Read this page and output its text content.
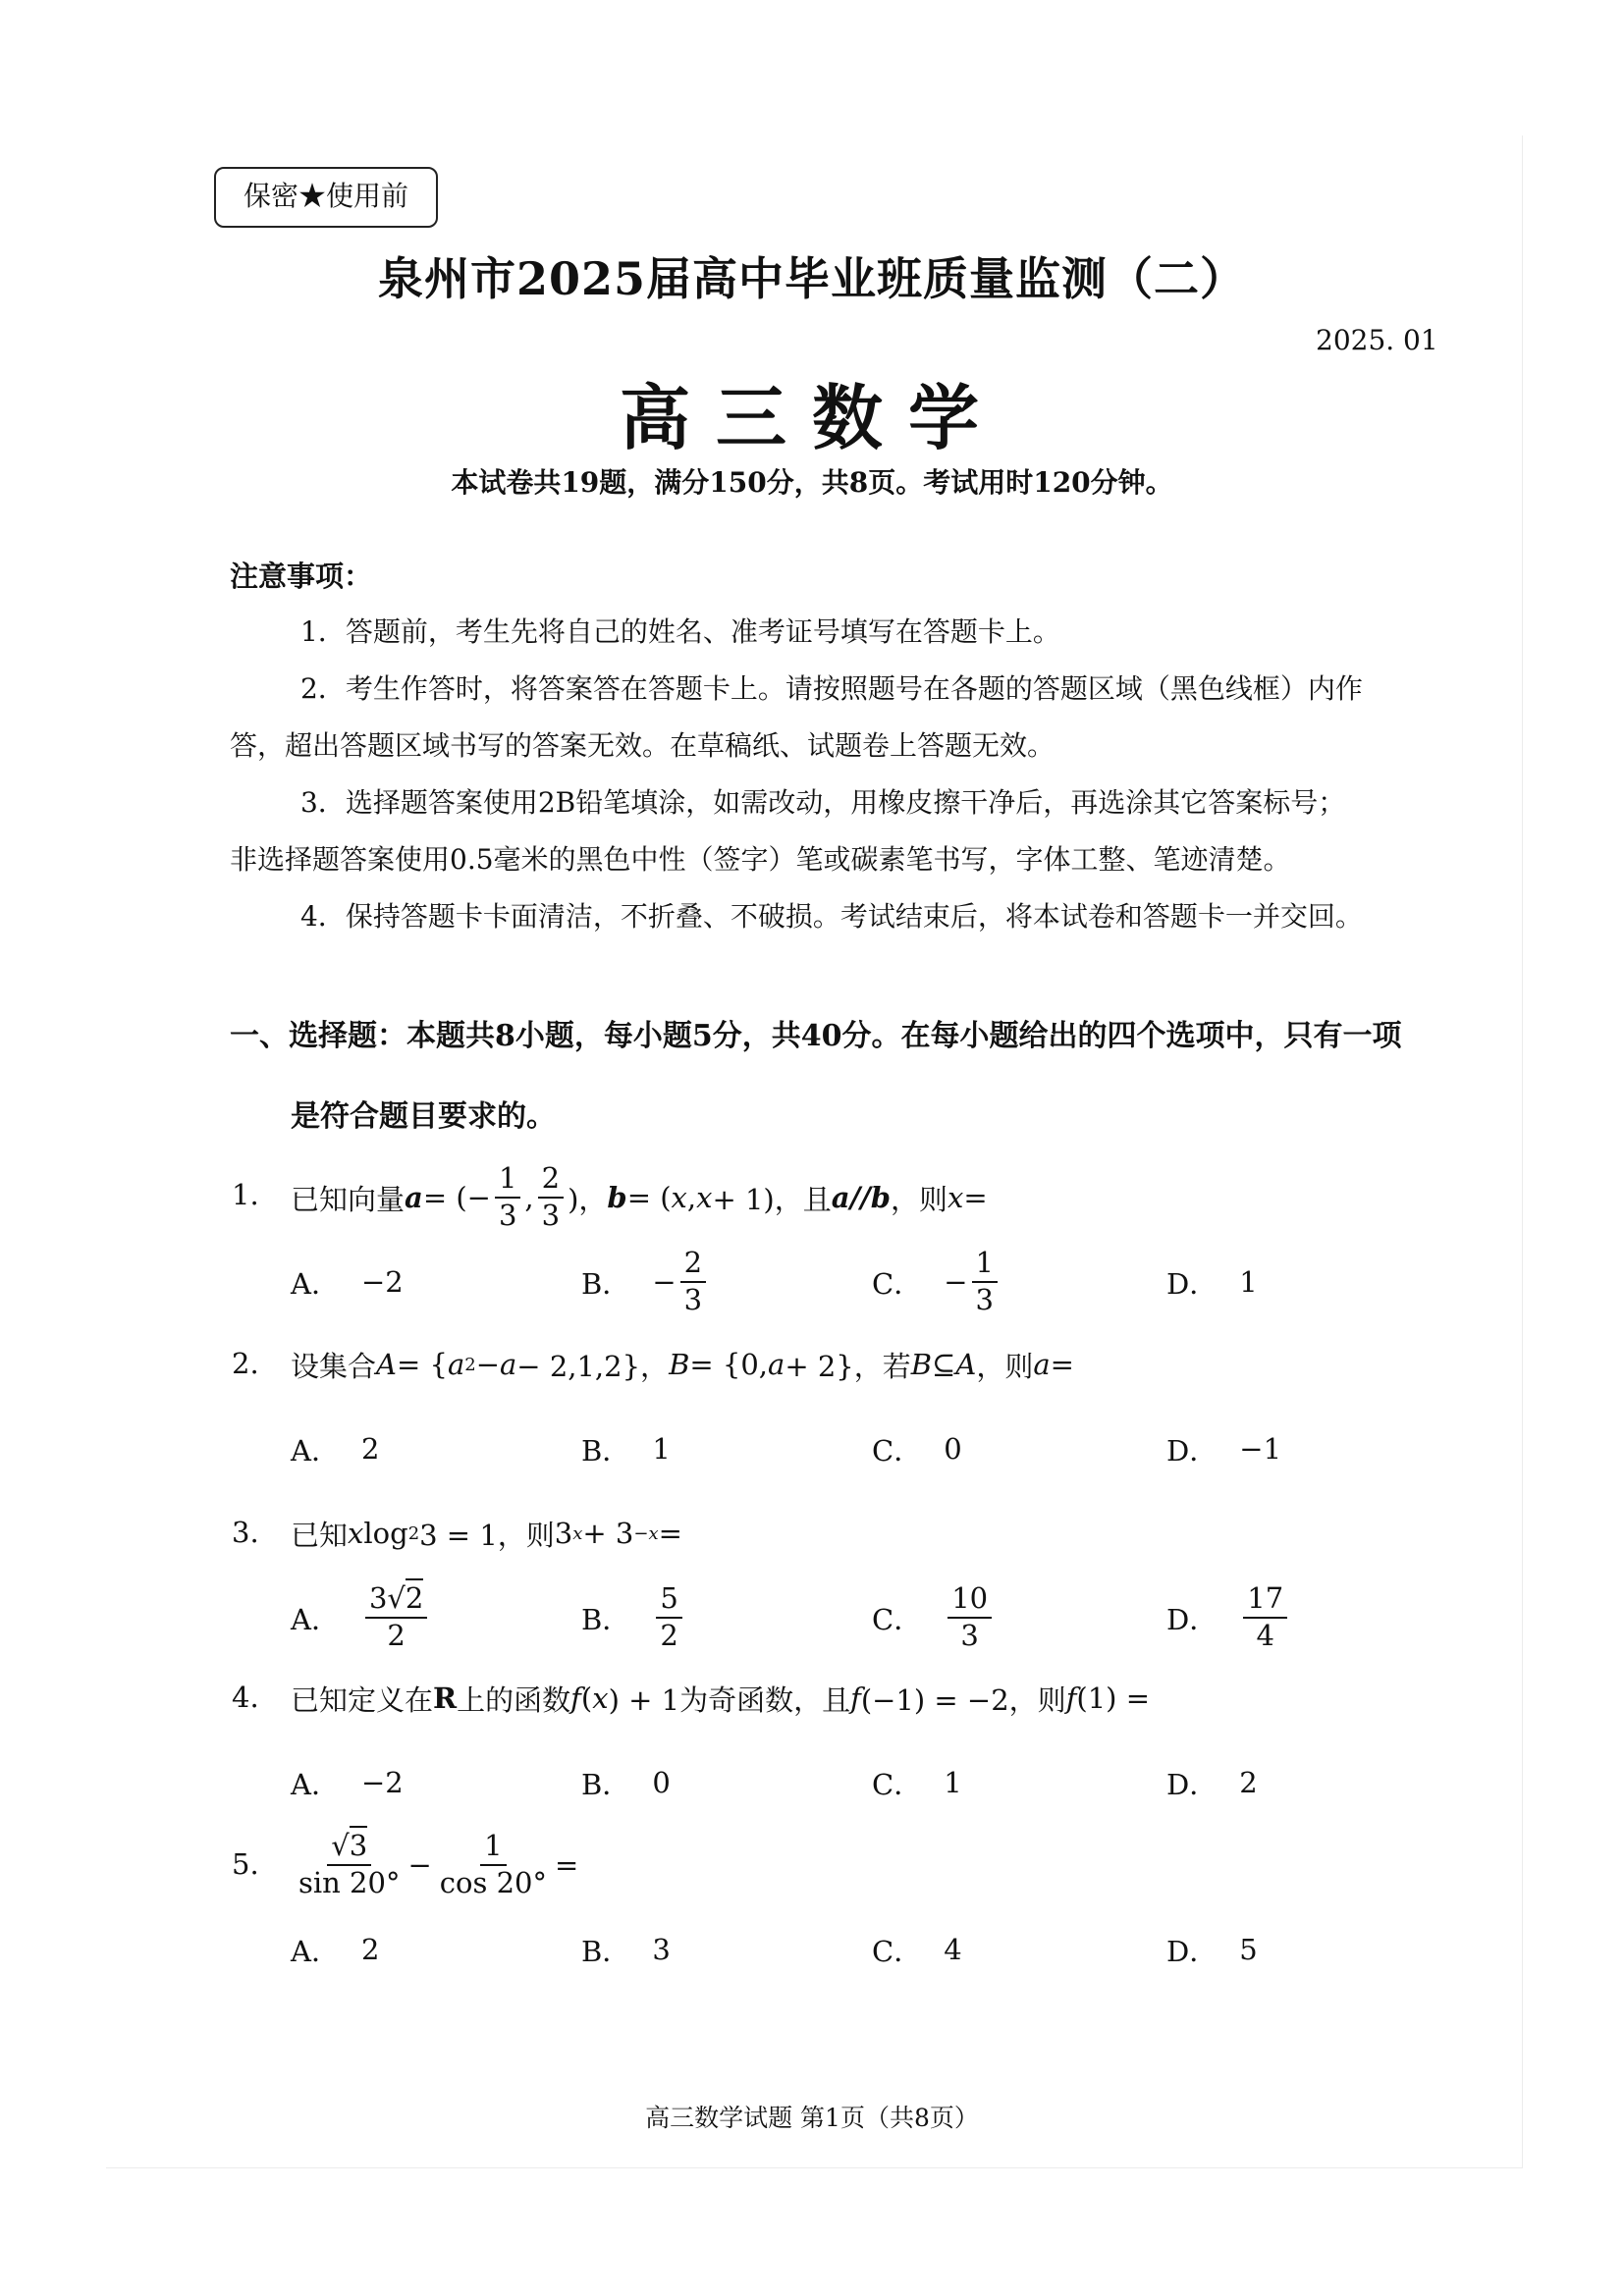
保密★使用前
泉州市2025届高中毕业班质量监测（二）
2025. 01
高三数学
本试卷共19题，满分150分，共8页。考试用时120分钟。
注意事项：
1．答题前，考生先将自己的姓名、准考证号填写在答题卡上。
2．考生作答时，将答案答在答题卡上。请按照题号在各题的答题区域（黑色线框）内作
答，超出答题区域书写的答案无效。在草稿纸、试题卷上答题无效。
3．选择题答案使用2B铅笔填涂，如需改动，用橡皮擦干净后，再选涂其它答案标号；
非选择题答案使用0.5毫米的黑色中性（签字）笔或碳素笔书写，字体工整、笔迹清楚。
4．保持答题卡卡面清洁，不折叠、不破损。考试结束后，将本试卷和答题卡一并交回。
一、选择题：本题共8小题，每小题5分，共40分。在每小题给出的四个选项中，只有一项
是符合题目要求的。
1. 已知向量 a = (− $\frac{1}{3}$ , $\frac{2}{3}$ )， b = ( x , x + 1)，且 a // b ，则 x =
A． −2	B． − $\frac{2}{3}$	C． − $\frac{1}{3}$	D． 1
2. 设集合 A = { a 2 − a − 2,1,2}， B = {0, a + 2}，若 B ⊆ A ，则 a =
A． 2	B． 1	C． 0	D． −1
3. 已知 x log 2 3 = 1，则 3 x + 3 −x =
A． $\frac{3√2}{2}$	B． $\frac{5}{2}$	C． $\frac{10}{3}$	D． $\frac{17}{4}$
4. 已知定义在 R 上的函数 f ( x ) + 1为奇函数，且 f (−1) = −2，则 f (1) =
A． −2	B． 0	C． 1	D． 2
5. $\frac{√3}{\sin 20^\circ} - \frac{1}{\cos 20^\circ}$ =
A． 2	B． 3	C． 4	D． 5
高三数学试题 第1页（共8页）
